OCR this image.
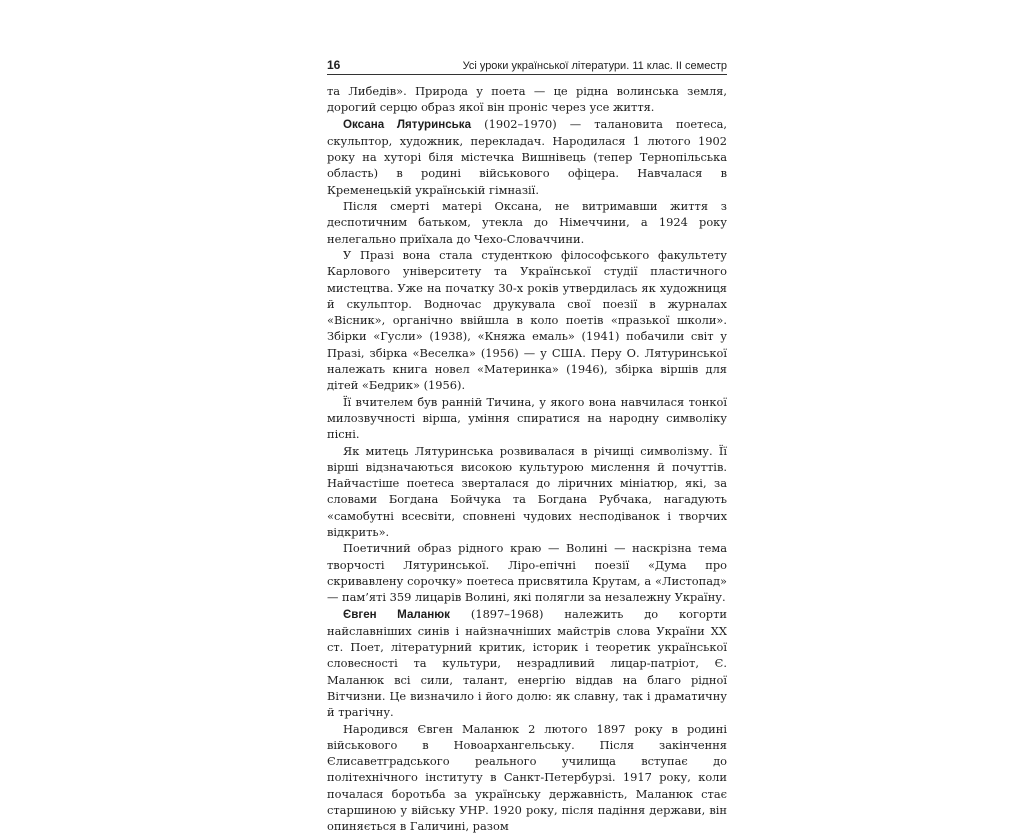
16	Усі уроки української літератури. 11 клас. ІІ семестр

та Либедів». Природа у поета — це рідна волинська земля, дорогий серцю образ якої він проніс через усе життя.

Оксана Лятуринська (1902–1970) — талановита поетеса, скульптор, художник, перекладач. Народилася 1 лютого 1902 року на хуторі біля містечка Вишнівець (тепер Тернопільська область) в родині військового офіцера. Навчалася в Кременецькій українській гімназії.

Після смерті матері Оксана, не витримавши життя з деспотичним батьком, утекла до Німеччини, а 1924 року нелегально приїхала до Чехо-Словаччини.

У Празі вона стала студенткою філософського факультету Карлового університету та Української студії пластичного мистецтва. Уже на початку 30-х років утвердилась як художниця й скульптор. Водночас друкувала свої поезії в журналах «Вісник», органічно ввійшла в коло поетів «празької школи». Збірки «Гусли» (1938), «Княжа емаль» (1941) побачили світ у Празі, збірка «Веселка» (1956) — у США. Перу О. Лятуринської належать книга новел «Материнка» (1946), збірка віршів для дітей «Бедрик» (1956).

Її вчителем був ранній Тичина, у якого вона навчилася тонкої милозвучності вірша, уміння спиратися на народну символіку пісні.

Як митець Лятуринська розвивалася в річищі символізму. Її вірші відзначаються високою культурою мислення й почуттів. Найчастіше поетеса зверталася до ліричних мініатюр, які, за словами Богдана Бойчука та Богдана Рубчака, нагадують «самобутні всесвіти, сповнені чудових несподіванок і творчих відкрить».

Поетичний образ рідного краю — Волині — наскрізна тема творчості Лятуринської. Ліро-епічні поезії «Дума про скривавлену сорочку» поетеса присвятила Крутам, а «Листопад» — пам’яті 359 лицарів Волині, які полягли за незалежну Україну.

Євген Маланюк (1897–1968) належить до когорти найславніших синів і найзначніших майстрів слова України ХХ ст. Поет, літературний критик, історик і теоретик української словесності та культури, незрадливий лицар-патріот, Є. Маланюк всі сили, талант, енергію віддав на благо рідної Вітчизни. Це визначило і його долю: як славну, так і драматичну й трагічну.

Народився Євген Маланюк 2 лютого 1897 року в родині військового в Новоархангельську. Після закінчення Єлисаветградського реального училища вступає до політехнічного інституту в Санкт-Петербурзі. 1917 року, коли почалася боротьба за українську державність, Маланюк стає старшиною у війську УНР. 1920 року, після падіння держави, він опиняється в Галичині, разом
